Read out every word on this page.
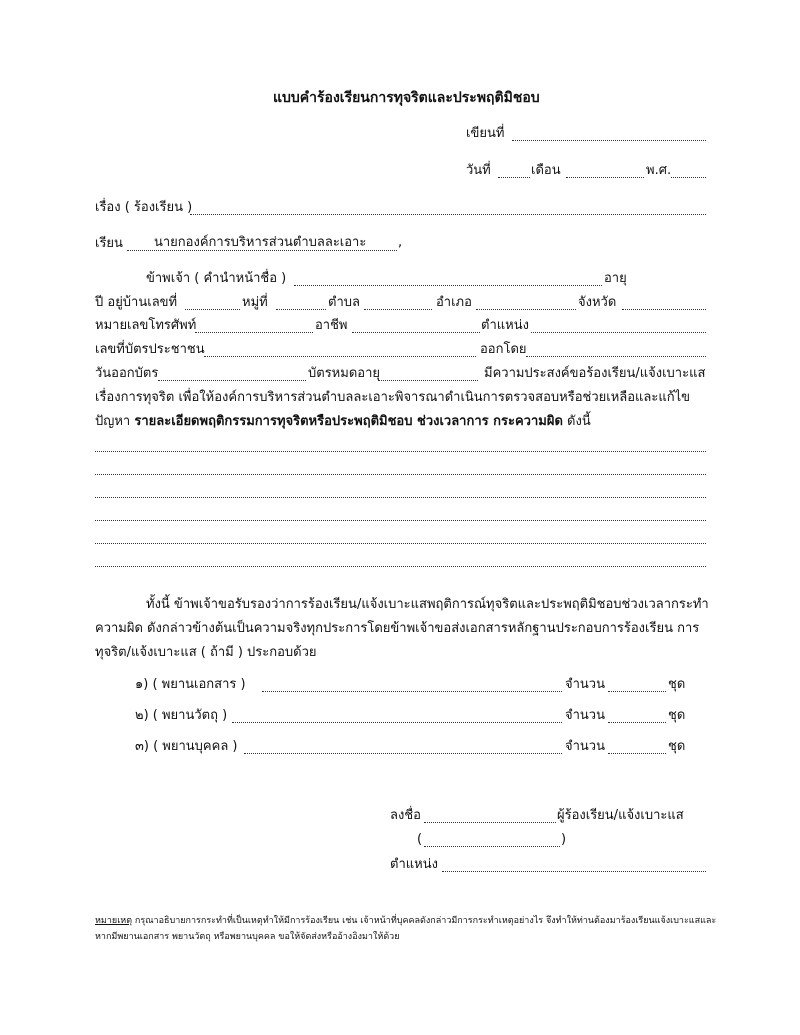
แบบคำร้องเรียนการทุจริตและประพฤติมิชอบ
เขียนที่
วันที่	เดือน	พ.ศ.
เรื่อง ( ร้องเรียน )
เรียน นายกองค์การบริหารส่วนตำบลละเอาะ ,
ข้าพเจ้า ( คำนำหน้าชื่อ )	อายุ
ปี อยู่บ้านเลขที่	หมู่ที่	ตำบล	อำเภอ	จังหวัด
หมายเลขโทรศัพท์	อาชีพ	ตำแหน่ง
เลขที่บัตรประชาชน	ออกโดย
วันออกบัตร	บัตรหมดอายุ	มีความประสงค์ขอร้องเรียน/แจ้งเบาะแส
เรื่องการทุจริต เพื่อให้องค์การบริหารส่วนตำบลละเอาะพิจารณาดำเนินการตรวจสอบหรือช่วยเหลือและแก้ไข
ปัญหา รายละเอียดพฤติกรรมการทุจริตหรือประพฤติมิชอบ ช่วงเวลาการ กระความผิด ดังนี้
ทั้งนี้ ข้าพเจ้าขอรับรองว่าการร้องเรียน/แจ้งเบาะแสพฤติการณ์ทุจริตและประพฤติมิชอบช่วงเวลากระทำ
ความผิด ดังกล่าวข้างต้นเป็นความจริงทุกประการโดยข้าพเจ้าขอส่งเอกสารหลักฐานประกอบการร้องเรียน การ
ทุจริต/แจ้งเบาะแส ( ถ้ามี ) ประกอบด้วย
๑) ( พยานเอกสาร )	จำนวน	ชุด
๒) ( พยานวัตถุ )	จำนวน	ชุด
๓) ( พยานบุคคล )	จำนวน	ชุด
ลงชื่อ	ผู้ร้องเรียน/แจ้งเบาะแส
(	)
ตำแหน่ง
หมายเหตุ กรุณาอธิบายการกระทำที่เป็นเหตุทำให้มีการร้องเรียน เช่น เจ้าหน้าที่บุคคลดังกล่าวมีการกระทำเหตุอย่างไร จึงทำให้ท่านต้องมาร้องเรียนแจ้งเบาะแสและ
หากมีพยานเอกสาร พยานวัตถุ หรือพยานบุคคล ขอให้จัดส่งหรืออ้างอิงมาให้ด้วย
